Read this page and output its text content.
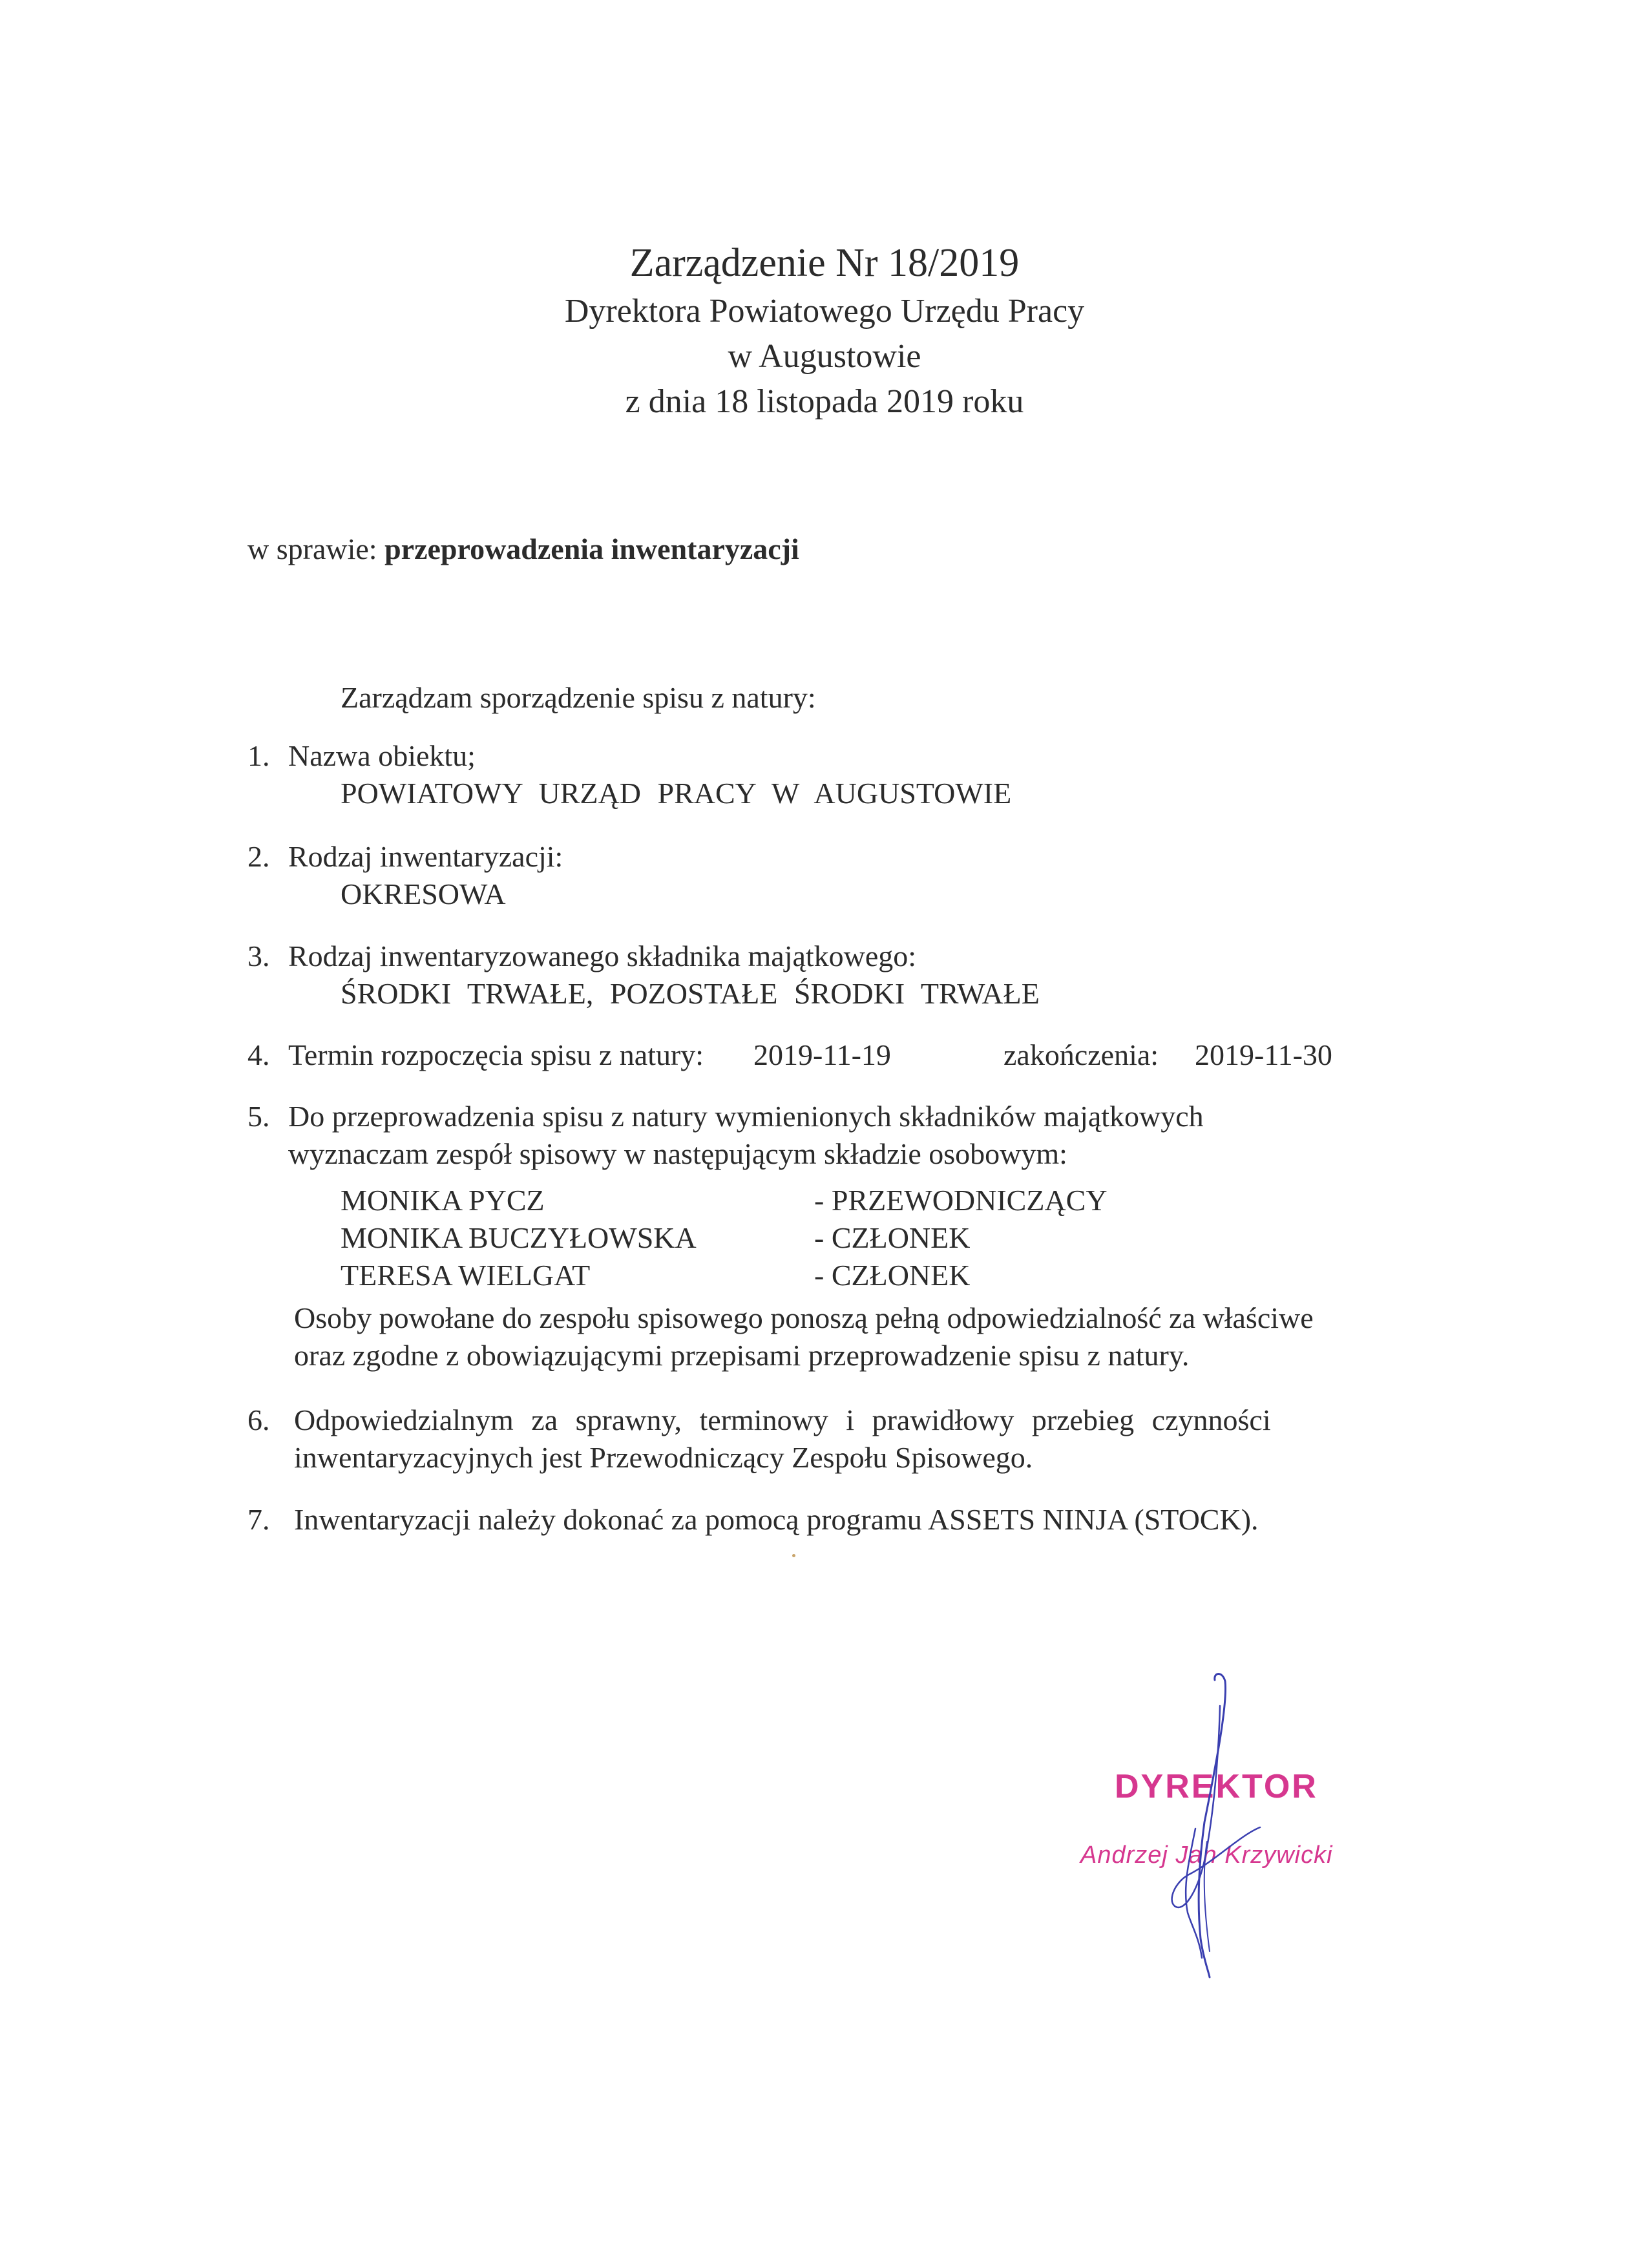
Zarządzenie Nr 18/2019
Dyrektora Powiatowego Urzędu Pracy
w Augustowie
z dnia 18 listopada 2019 roku
w sprawie: przeprowadzenia inwentaryzacji
Zarządzam sporządzenie spisu z natury:
1. Nazwa obiektu;
POWIATOWY URZĄD PRACY W AUGUSTOWIE
2. Rodzaj inwentaryzacji:
OKRESOWA
3. Rodzaj inwentaryzowanego składnika majątkowego:
ŚRODKI TRWAŁE, POZOSTAŁE ŚRODKI TRWAŁE
4. Termin rozpoczęcia spisu z natury: 2019-11-19	zakończenia: 2019-11-30
5. Do przeprowadzenia spisu z natury wymienionych składników majątkowych
wyznaczam zespół spisowy w następującym składzie osobowym:
MONIKA PYCZ	- PRZEWODNICZĄCY
MONIKA BUCZYŁOWSKA	- CZŁONEK
TERESA WIELGAT	- CZŁONEK
Osoby powołane do zespołu spisowego ponoszą pełną odpowiedzialność za właściwe
oraz zgodne z obowiązującymi przepisami przeprowadzenie spisu z natury.
6. Odpowiedzialnym za sprawny, terminowy i prawidłowy przebieg czynności
inwentaryzacyjnych jest Przewodniczący Zespołu Spisowego.
7. Inwentaryzacji należy dokonać za pomocą programu ASSETS NINJA (STOCK).
DYREKTOR
Andrzej Jan Krzywicki
